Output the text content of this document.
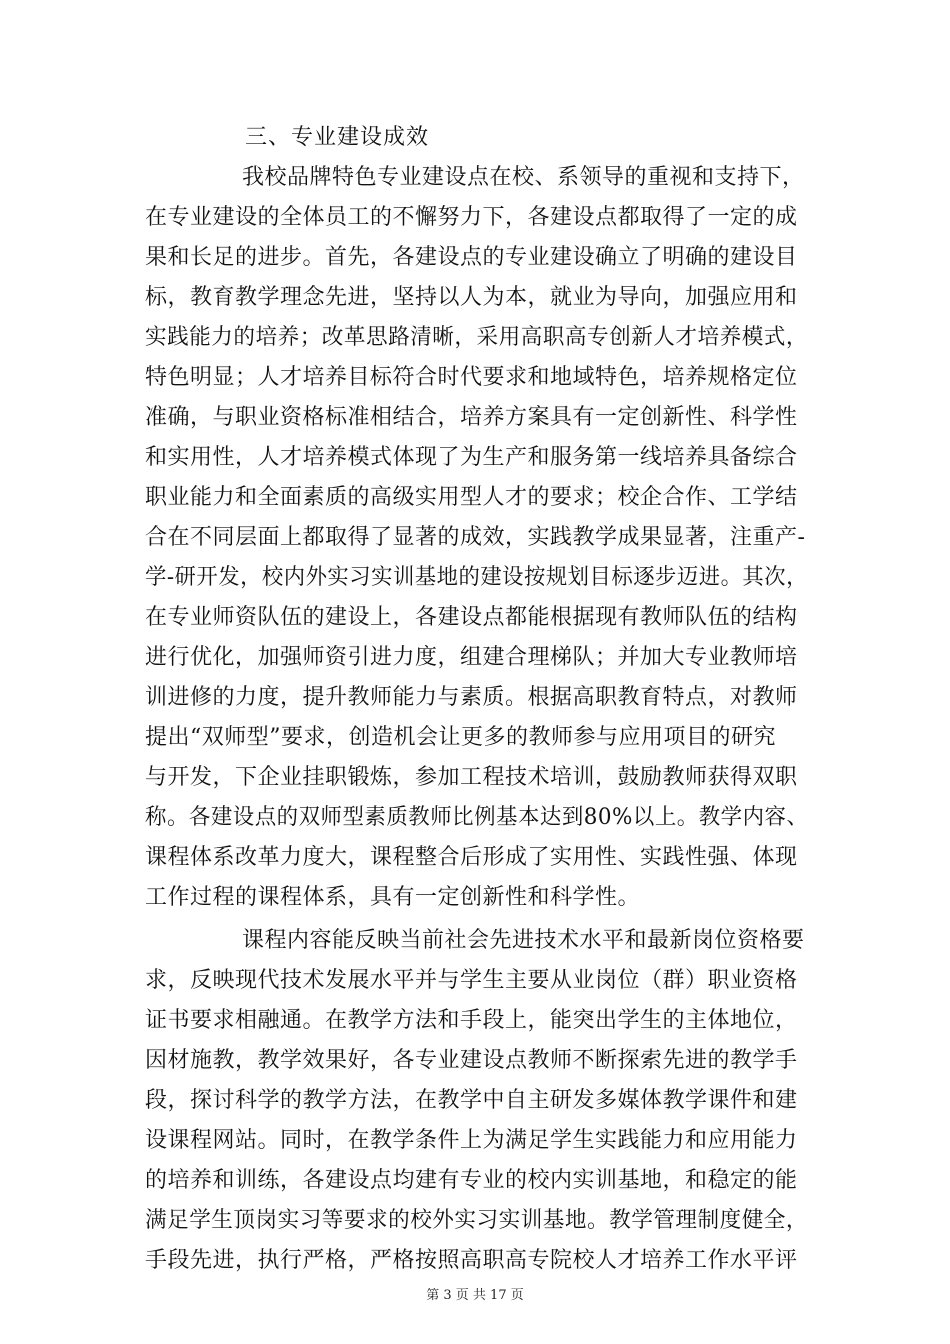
三、专业建设成效
我校品牌特色专业建设点在校、系领导的重视和支持下，
在专业建设的全体员工的不懈努力下，各建设点都取得了一定的成
果和长足的进步。首先，各建设点的专业建设确立了明确的建设目
标，教育教学理念先进，坚持以人为本，就业为导向，加强应用和
实践能力的培养；改革思路清晰，采用高职高专创新人才培养模式，
特色明显；人才培养目标符合时代要求和地域特色，培养规格定位
准确，与职业资格标准相结合，培养方案具有一定创新性、科学性
和实用性，人才培养模式体现了为生产和服务第一线培养具备综合
职业能力和全面素质的高级实用型人才的要求；校企合作、工学结
合在不同层面上都取得了显著的成效，实践教学成果显著，注重产-
学-研开发，校内外实习实训基地的建设按规划目标逐步迈进。其次，
在专业师资队伍的建设上，各建设点都能根据现有教师队伍的结构
进行优化，加强师资引进力度，组建合理梯队；并加大专业教师培
训进修的力度，提升教师能力与素质。根据高职教育特点，对教师
提出“双师型”要求，创造机会让更多的教师参与应用项目的研究
与开发，下企业挂职锻炼，参加工程技术培训，鼓励教师获得双职
称。各建设点的双师型素质教师比例基本达到80%以上。教学内容、
课程体系改革力度大，课程整合后形成了实用性、实践性强、体现
工作过程的课程体系，具有一定创新性和科学性。
课程内容能反映当前社会先进技术水平和最新岗位资格要
求，反映现代技术发展水平并与学生主要从业岗位（群）职业资格
证书要求相融通。在教学方法和手段上，能突出学生的主体地位，
因材施教，教学效果好，各专业建设点教师不断探索先进的教学手
段，探讨科学的教学方法，在教学中自主研发多媒体教学课件和建
设课程网站。同时，在教学条件上为满足学生实践能力和应用能力
的培养和训练，各建设点均建有专业的校内实训基地，和稳定的能
满足学生顶岗实习等要求的校外实习实训基地。教学管理制度健全，
手段先进，执行严格，严格按照高职高专院校人才培养工作水平评
第 3 页 共 17 页
